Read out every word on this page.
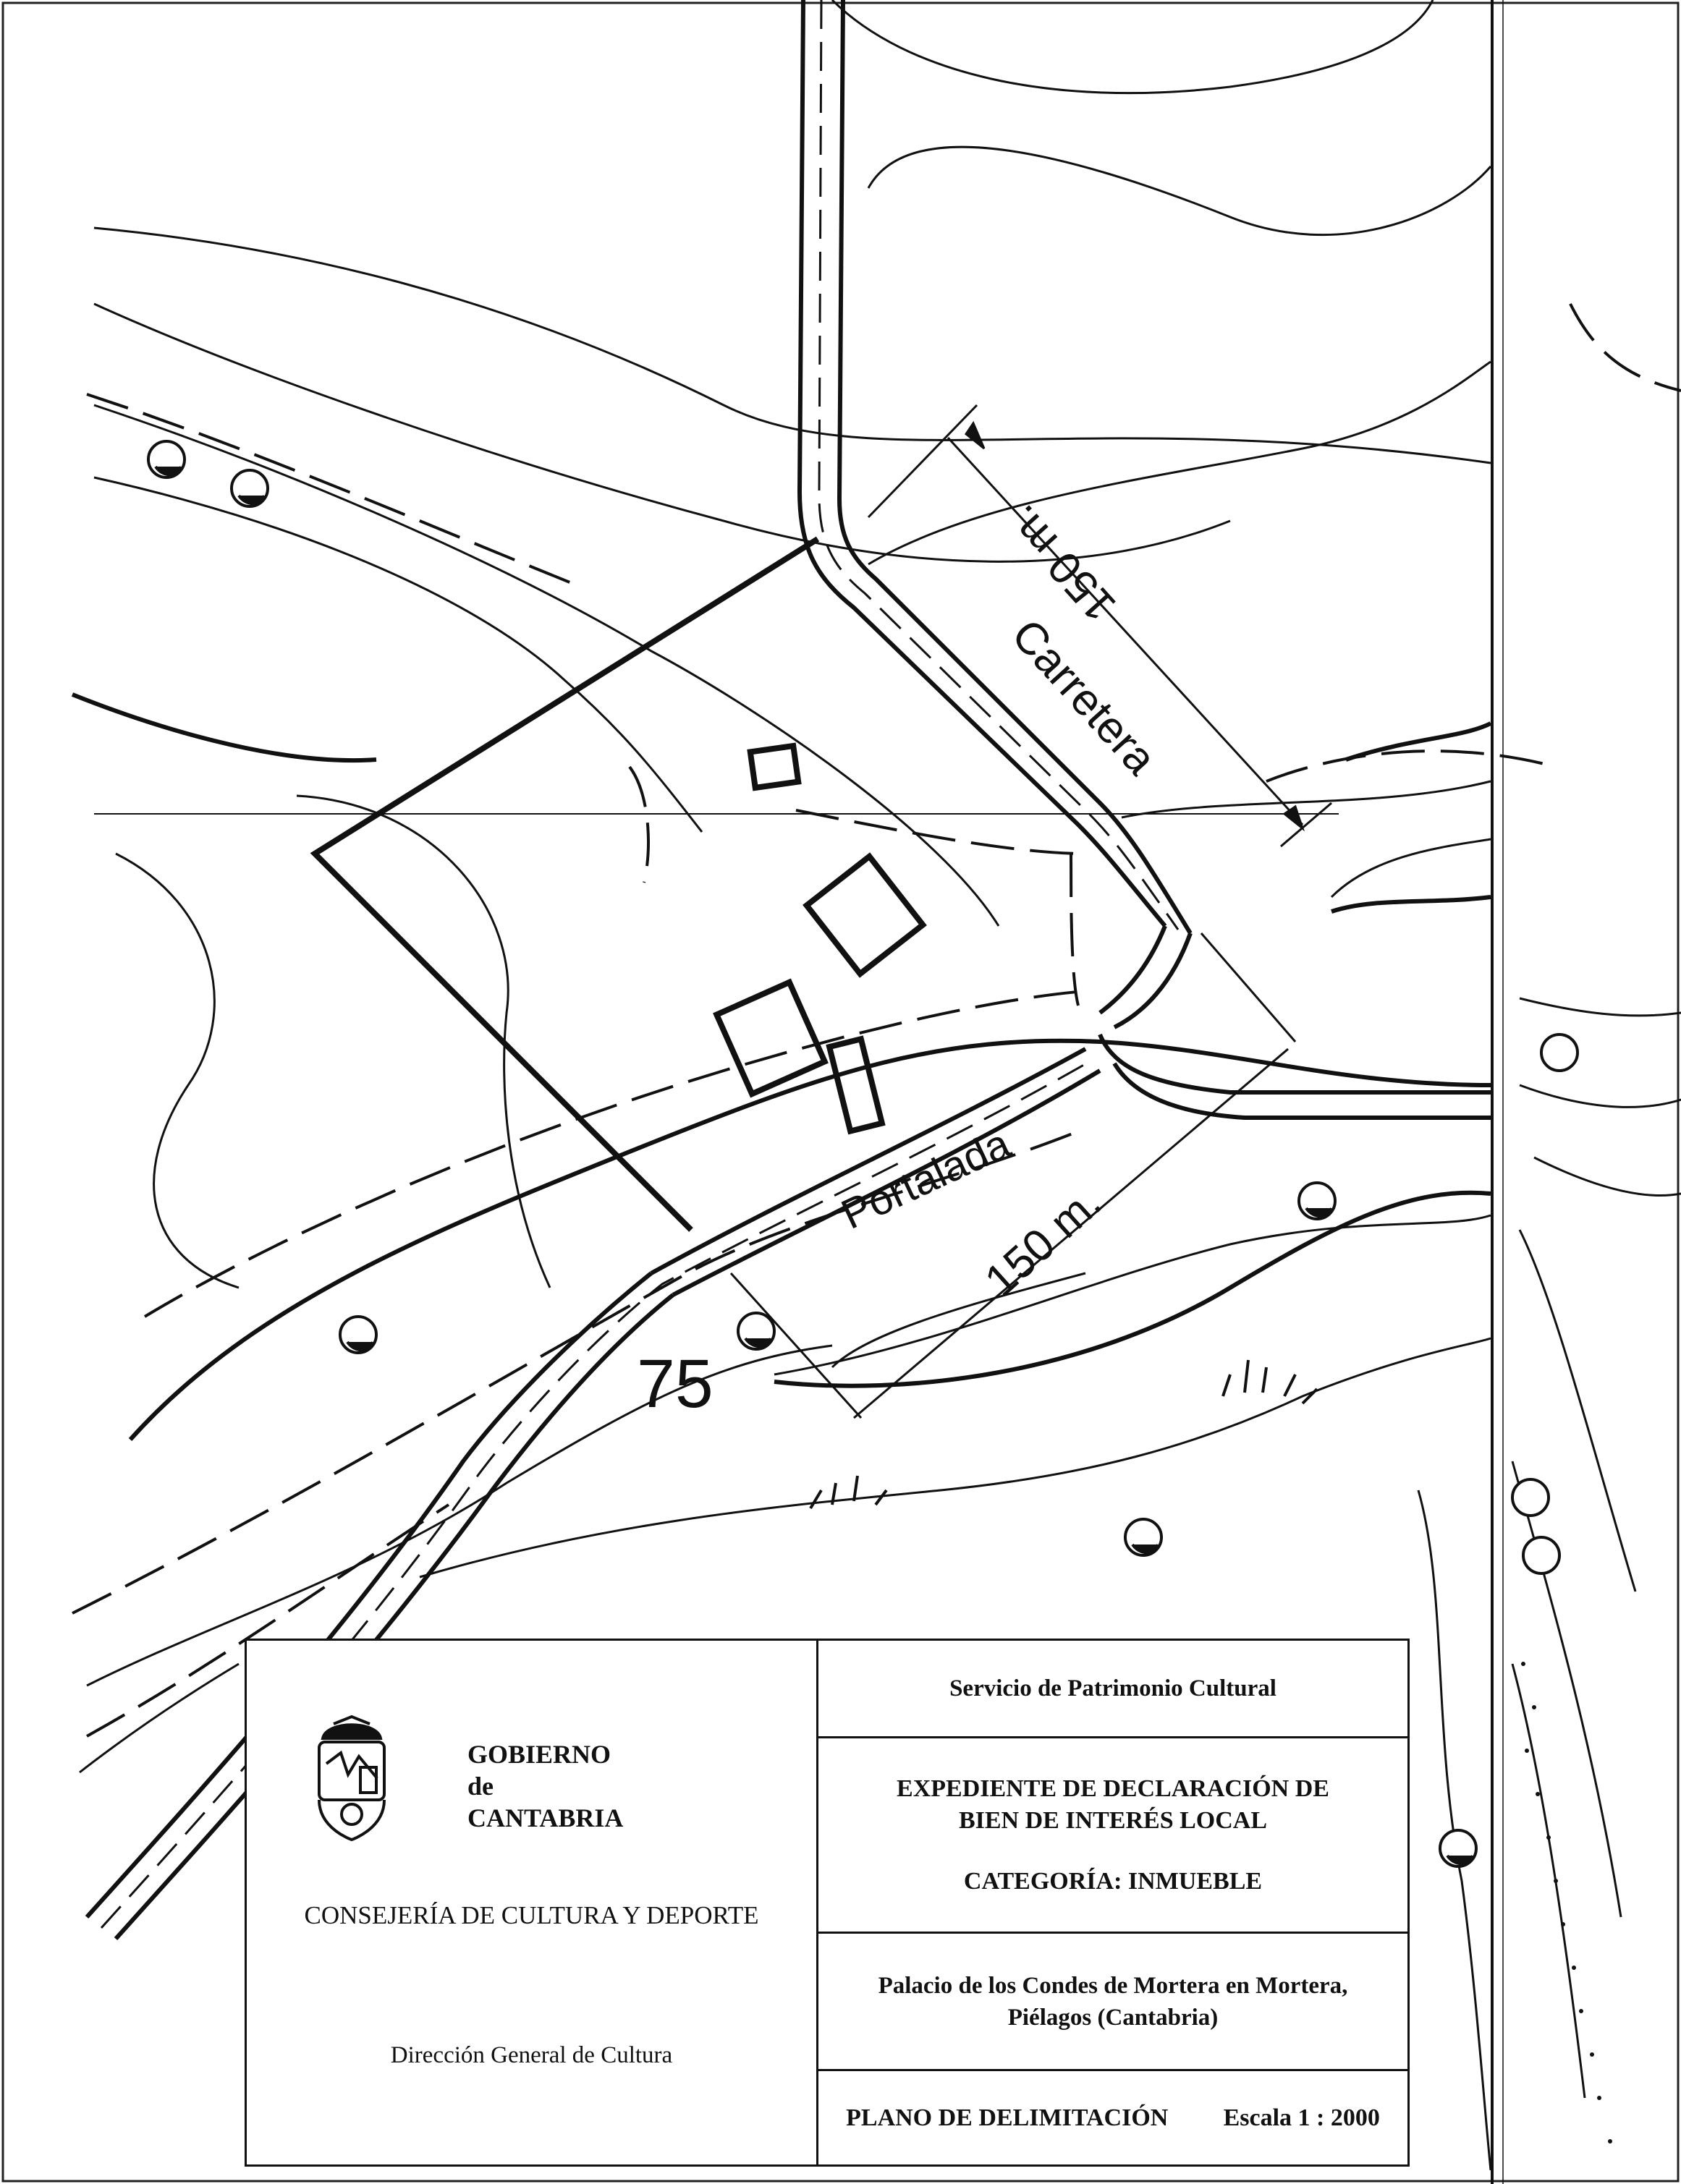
Carretera
Portalada
150 m.
150 m.
75
GOBIERNO
de
CANTABRIA
CONSEJERÍA DE CULTURA Y DEPORTE
Dirección General de Cultura
Servicio de Patrimonio Cultural
EXPEDIENTE DE DECLARACIÓN DE
BIEN DE INTERÉS LOCAL
CATEGORÍA: INMUEBLE
Palacio de los Condes de Mortera en Mortera,
Piélagos (Cantabria)
PLANO DE DELIMITACIÓN Escala 1 : 2000
